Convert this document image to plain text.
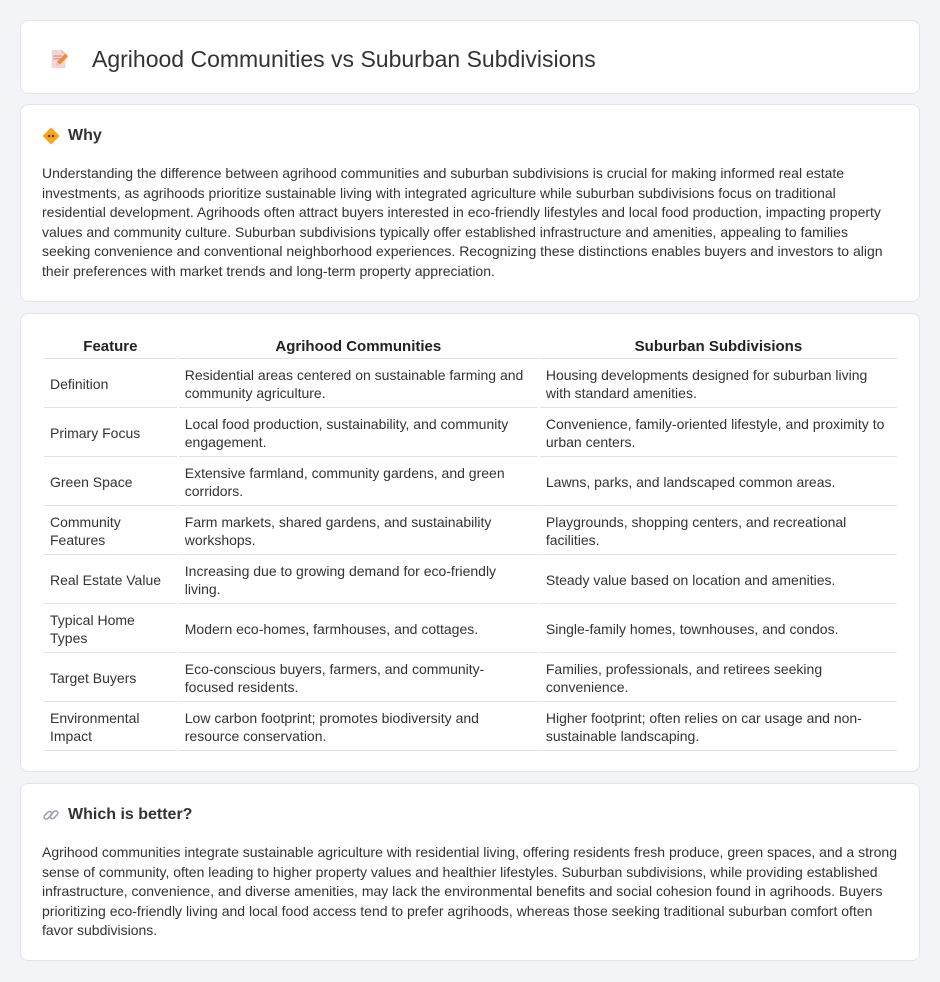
Agrihood Communities vs Suburban Subdivisions
Why

Understanding the difference between agrihood communities and suburban subdivisions is crucial for making informed real estate investments, as agrihoods prioritize sustainable living with integrated agriculture while suburban subdivisions focus on traditional residential development. Agrihoods often attract buyers interested in eco-friendly lifestyles and local food production, impacting property values and community culture. Suburban subdivisions typically offer established infrastructure and amenities, appealing to families seeking convenience and conventional neighborhood experiences. Recognizing these distinctions enables buyers and investors to align their preferences with market trends and long-term property appreciation.

Feature	Agrihood Communities	Suburban Subdivisions
Definition	Residential areas centered on sustainable farming and community agriculture.	Housing developments designed for suburban living with standard amenities.
Primary Focus	Local food production, sustainability, and community engagement.	Convenience, family-oriented lifestyle, and proximity to urban centers.
Green Space	Extensive farmland, community gardens, and green corridors.	Lawns, parks, and landscaped common areas.
Community Features	Farm markets, shared gardens, and sustainability workshops.	Playgrounds, shopping centers, and recreational facilities.
Real Estate Value	Increasing due to growing demand for eco-friendly living.	Steady value based on location and amenities.
Typical Home Types	Modern eco-homes, farmhouses, and cottages.	Single-family homes, townhouses, and condos.
Target Buyers	Eco-conscious buyers, farmers, and community-focused residents.	Families, professionals, and retirees seeking convenience.
Environmental Impact	Low carbon footprint; promotes biodiversity and resource conservation.	Higher footprint; often relies on car usage and non-sustainable landscaping.
Which is better?

Agrihood communities integrate sustainable agriculture with residential living, offering residents fresh produce, green spaces, and a strong sense of community, often leading to higher property values and healthier lifestyles. Suburban subdivisions, while providing established infrastructure, convenience, and diverse amenities, may lack the environmental benefits and social cohesion found in agrihoods. Buyers prioritizing eco-friendly living and local food access tend to prefer agrihoods, whereas those seeking traditional suburban comfort often favor subdivisions.
